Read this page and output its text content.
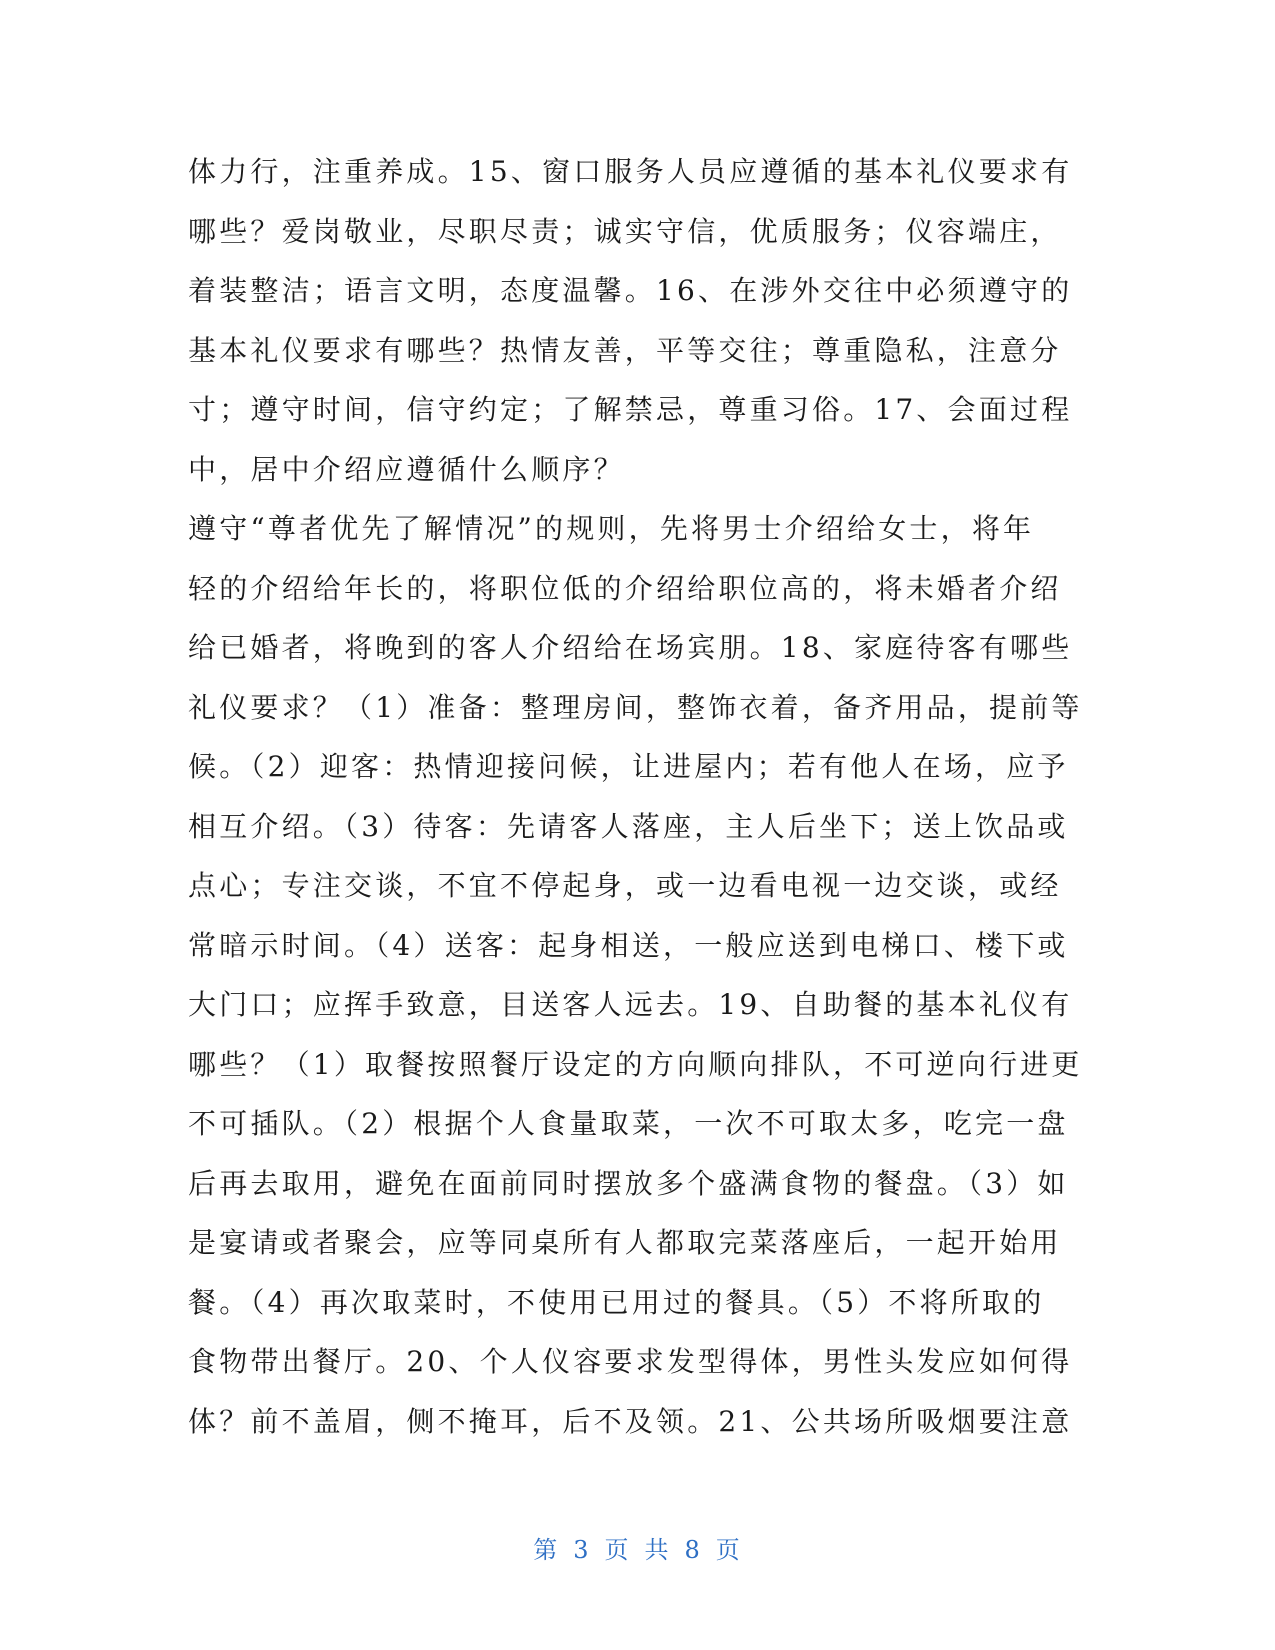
体力行，注重养成。15、窗口服务人员应遵循的基本礼仪要求有
哪些？爱岗敬业，尽职尽责；诚实守信，优质服务；仪容端庄，
着装整洁；语言文明，态度温馨。16、在涉外交往中必须遵守的
基本礼仪要求有哪些？热情友善，平等交往；尊重隐私，注意分
寸；遵守时间，信守约定；了解禁忌，尊重习俗。17、会面过程
中，居中介绍应遵循什么顺序？
遵守“尊者优先了解情况”的规则，先将男士介绍给女士，将年
轻的介绍给年长的，将职位低的介绍给职位高的，将未婚者介绍
给已婚者，将晚到的客人介绍给在场宾朋。18、家庭待客有哪些
礼仪要求？（1）准备：整理房间，整饰衣着，备齐用品，提前等
候。（2）迎客：热情迎接问候，让进屋内；若有他人在场，应予
相互介绍。（3）待客：先请客人落座，主人后坐下；送上饮品或
点心；专注交谈，不宜不停起身，或一边看电视一边交谈，或经
常暗示时间。（4）送客：起身相送，一般应送到电梯口、楼下或
大门口；应挥手致意，目送客人远去。19、自助餐的基本礼仪有
哪些？（1）取餐按照餐厅设定的方向顺向排队，不可逆向行进更
不可插队。（2）根据个人食量取菜，一次不可取太多，吃完一盘
后再去取用，避免在面前同时摆放多个盛满食物的餐盘。（3）如
是宴请或者聚会，应等同桌所有人都取完菜落座后，一起开始用
餐。（4）再次取菜时，不使用已用过的餐具。（5）不将所取的
食物带出餐厅。20、个人仪容要求发型得体，男性头发应如何得
体？前不盖眉，侧不掩耳，后不及领。21、公共场所吸烟要注意
第 3 页 共 8 页
